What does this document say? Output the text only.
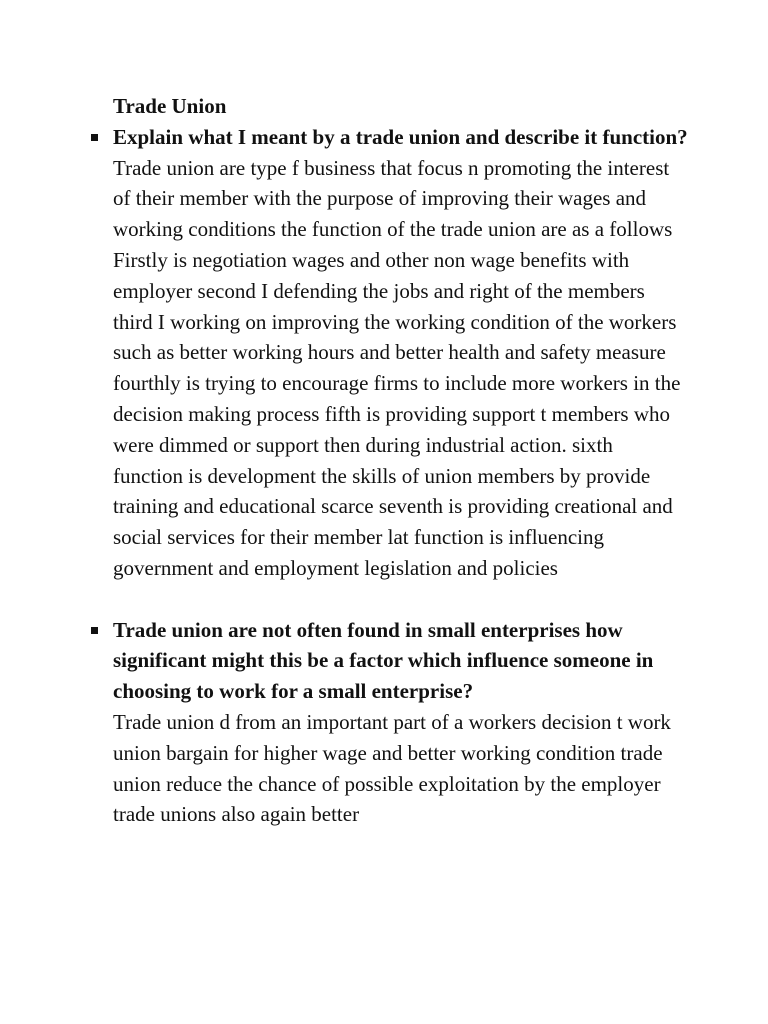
Trade Union

Explain what I meant by a trade union and describe it function?

Trade union are type f business that focus n promoting the interest of their member with the purpose of improving their wages and working conditions the function of the trade union are as a follows

Firstly is negotiation wages and other non wage benefits with employer second I defending the jobs and right of the members third I working on improving the working condition of the workers such as better working hours and better health and safety measure fourthly is trying to encourage firms to include more workers in the decision making process fifth is providing support t members who were dimmed or support then during industrial action. sixth function is development the skills of union members by provide training and educational scarce seventh is providing creational and social services for their member lat function is influencing government and employment legislation and policies

Trade union are not often found in small enterprises how significant might this be a factor which influence someone in choosing to work for a small enterprise?

Trade union d from an important part of a workers decision t work union bargain for higher wage and better working condition trade union reduce the chance of possible exploitation by the employer trade unions also again better
